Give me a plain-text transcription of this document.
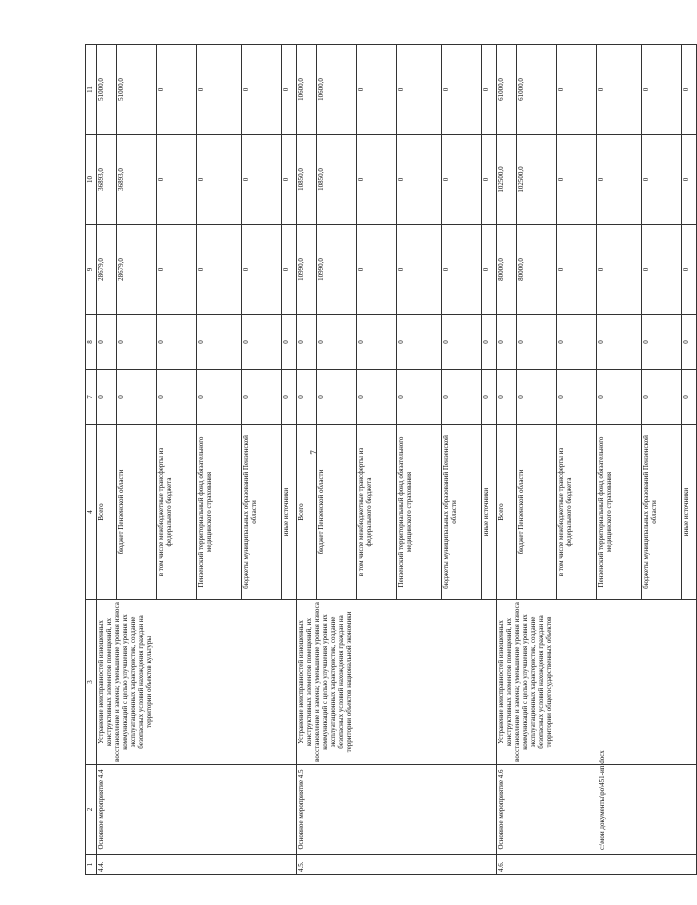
7
c:\мои документы\ро\451-ип.docx
1	2	3	4	7	8	9	10	11
4.4.	Основное мероприятие 4.4	Устранение неисправностей изношенных конструктивных элементов помещений, их восстановление и замена; уменьшение уровня износа коммуникаций с целью улучшения уровня их эксплуатационных характеристик, создание безопасных условий нахождения граждан на территории объектов культуры	Всего	0	0	28679,0	36893,0	51000,0
			бюджет Пензенской области	0	0	28679,0	36893,0	51000,0
			в том числе межбюджетные трансферты из федерального бюджета	0	0	0	0	0
			Пензенский территориальный фонд обязательного медицинского страхования	0	0	0	0	0
			бюджеты муниципальных образований Пензенской области	0	0	0	0	0
			иные источники	0	0	0	0	0
4.5.	Основное мероприятие 4.5	Устранение неисправностей изношенных конструктивных элементов помещений, их восстановление и замена; уменьшение уровня износа коммуникаций с целью улучшения уровня их эксплуатационных характеристик, создание безопасных условий нахождения граждан на территории объектов национальной экономики	Всего	0	0	10990,0	10850,0	10600,0
			бюджет Пензенской области	0	0	10990,0	10850,0	10600,0
			в том числе межбюджетные трансферты из федерального бюджета	0	0	0	0	0
			Пензенский территориальный фонд обязательного медицинского страхования	0	0	0	0	0
			бюджеты муниципальных образований Пензенской области	0	0	0	0	0
			иные источники	0	0	0	0	0
4.6.	Основное мероприятие 4.6	Устранение неисправностей изношенных конструктивных элементов помещений, их восстановление и замена; уменьшение уровня износа коммуникаций с целью улучшения уровня их эксплуатационных характеристик, создание безопасных условий нахождения граждан на территории общегосударственных объектов	Всего	0	0	80000,0	102500,0	61000,0
			бюджет Пензенской области	0	0	80000,0	102500,0	61000,0
			в том числе межбюджетные трансферты из федерального бюджета	0	0	0	0	0
			Пензенский территориальный фонд обязательного медицинского страхования	0	0	0	0	0
			бюджеты муниципальных образований Пензенской области	0	0	0	0	0
			иные источники	0	0	0	0	0
